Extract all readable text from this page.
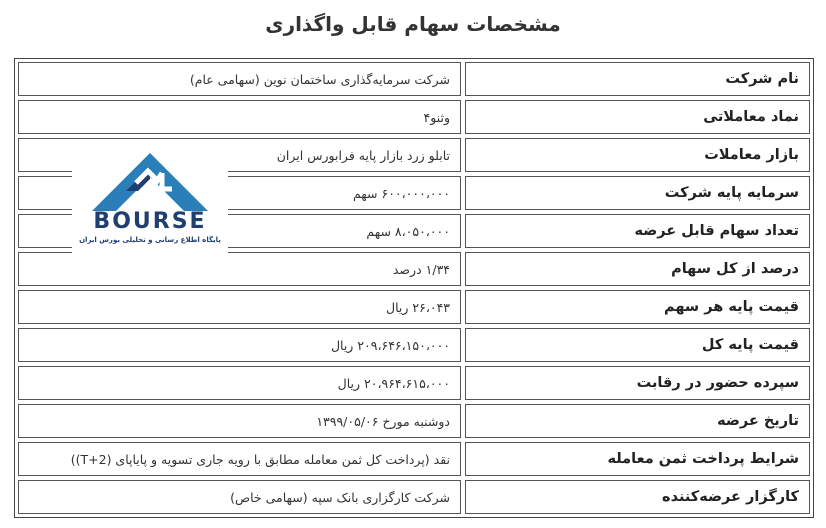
مشخصات سهام قابل واگذاری
شرکت سرمایه‌گذاری ساختمان نوین (سهامی عام)	نام شرکت
وثنو۴	نماد معاملاتی
تابلو زرد بازار پایه فرابورس ایران	بازار معاملات
۶۰۰،۰۰۰،۰۰۰ سهم	سرمایه پایه شرکت
۸،۰۵۰،۰۰۰ سهم	تعداد سهام قابل عرضه
۱/۳۴ درصد	درصد از کل سهام
۲۶،۰۴۳ ریال	قیمت پایه هر سهم
۲۰۹،۶۴۶،۱۵۰،۰۰۰ ریال	قیمت پایه کل
۲۰،۹۶۴،۶۱۵،۰۰۰ ریال	سپرده حضور در رقابت
دوشنبه مورخ ۱۳۹۹/۰۵/۰۶	تاریخ عرضه
نقد (پرداخت کل ثمن معامله مطابق با رویه جاری تسویه و پایاپای (T+2))	شرایط پرداخت ثمن معامله
شرکت کارگزاری بانک سپه (سهامی خاص)	کارگزار عرضه‌کننده
BOURSE
پایگاه اطلاع رسانی و تحلیلی بورس ایران
